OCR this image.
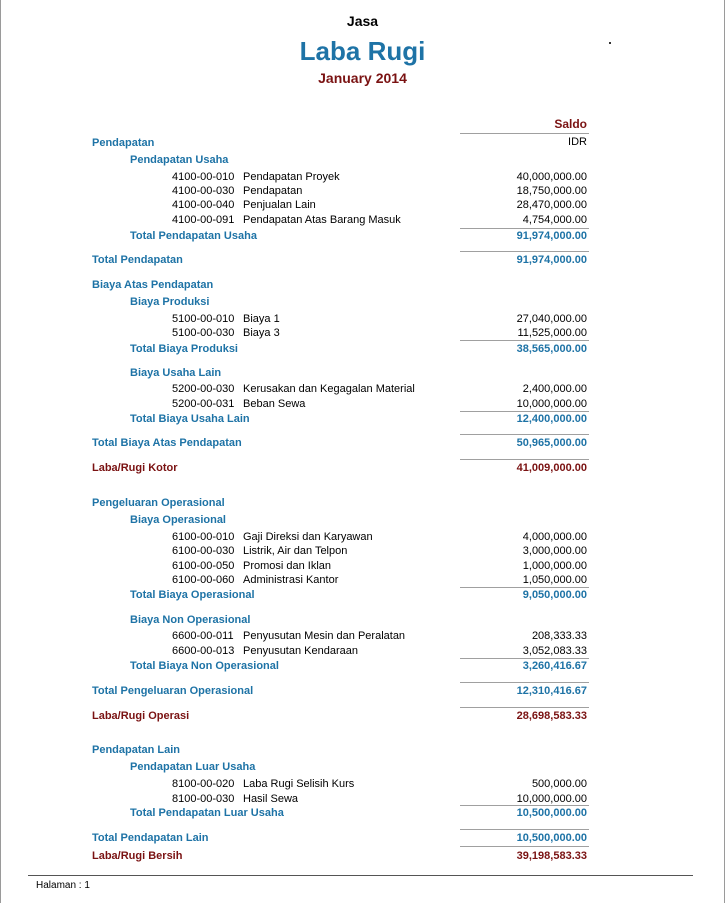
Jasa
Laba Rugi
January 2014
Saldo
IDR
Pendapatan
Pendapatan Usaha
4100-00-010 Pendapatan Proyek	40,000,000.00
4100-00-030 Pendapatan	18,750,000.00
4100-00-040 Penjualan Lain	28,470,000.00
4100-00-091 Pendapatan Atas Barang Masuk	4,754,000.00
Total Pendapatan Usaha	91,974,000.00
Total Pendapatan	91,974,000.00
Biaya Atas Pendapatan
Biaya Produksi
5100-00-010 Biaya 1	27,040,000.00
5100-00-030 Biaya 3	11,525,000.00
Total Biaya Produksi	38,565,000.00
Biaya Usaha Lain
5200-00-030 Kerusakan dan Kegagalan Material	2,400,000.00
5200-00-031 Beban Sewa	10,000,000.00
Total Biaya Usaha Lain	12,400,000.00
Total Biaya Atas Pendapatan	50,965,000.00
Laba/Rugi Kotor	41,009,000.00
Pengeluaran Operasional
Biaya Operasional
6100-00-010 Gaji Direksi dan Karyawan	4,000,000.00
6100-00-030 Listrik, Air dan Telpon	3,000,000.00
6100-00-050 Promosi dan Iklan	1,000,000.00
6100-00-060 Administrasi Kantor	1,050,000.00
Total Biaya Operasional	9,050,000.00
Biaya Non Operasional
6600-00-011 Penyusutan Mesin dan Peralatan	208,333.33
6600-00-013 Penyusutan Kendaraan	3,052,083.33
Total Biaya Non Operasional	3,260,416.67
Total Pengeluaran Operasional	12,310,416.67
Laba/Rugi Operasi	28,698,583.33
Pendapatan Lain
Pendapatan Luar Usaha
8100-00-020 Laba Rugi Selisih Kurs	500,000.00
8100-00-030 Hasil Sewa	10,000,000.00
Total Pendapatan Luar Usaha	10,500,000.00
Total Pendapatan Lain	10,500,000.00
Laba/Rugi Bersih	39,198,583.33
Halaman : 1
